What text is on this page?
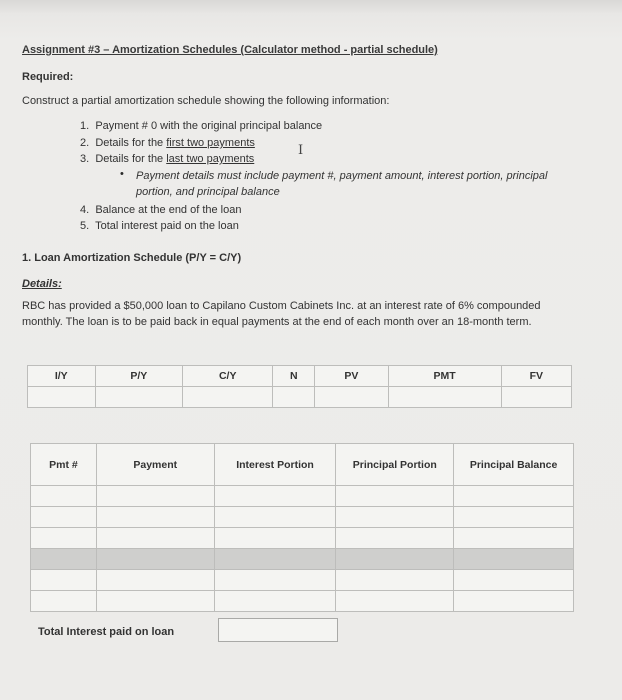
Assignment #3 – Amortization Schedules (Calculator method - partial schedule)
Required:
Construct a partial amortization schedule showing the following information:
1. Payment # 0 with the original principal balance
2. Details for the first two payments
3. Details for the last two payments
I
• Payment details must include payment #, payment amount, interest portion, principal portion, and principal balance
4. Balance at the end of the loan
5. Total interest paid on the loan
1. Loan Amortization Schedule (P/Y = C/Y)
Details:
RBC has provided a $50,000 loan to Capilano Custom Cabinets Inc. at an interest rate of 6% compounded monthly. The loan is to be paid back in equal payments at the end of each month over an 18-month term.
I/Y	P/Y	C/Y	N	PV	PMT	FV

Pmt #	Payment	Interest Portion	Principal Portion	Principal Balance

Total Interest paid on loan
